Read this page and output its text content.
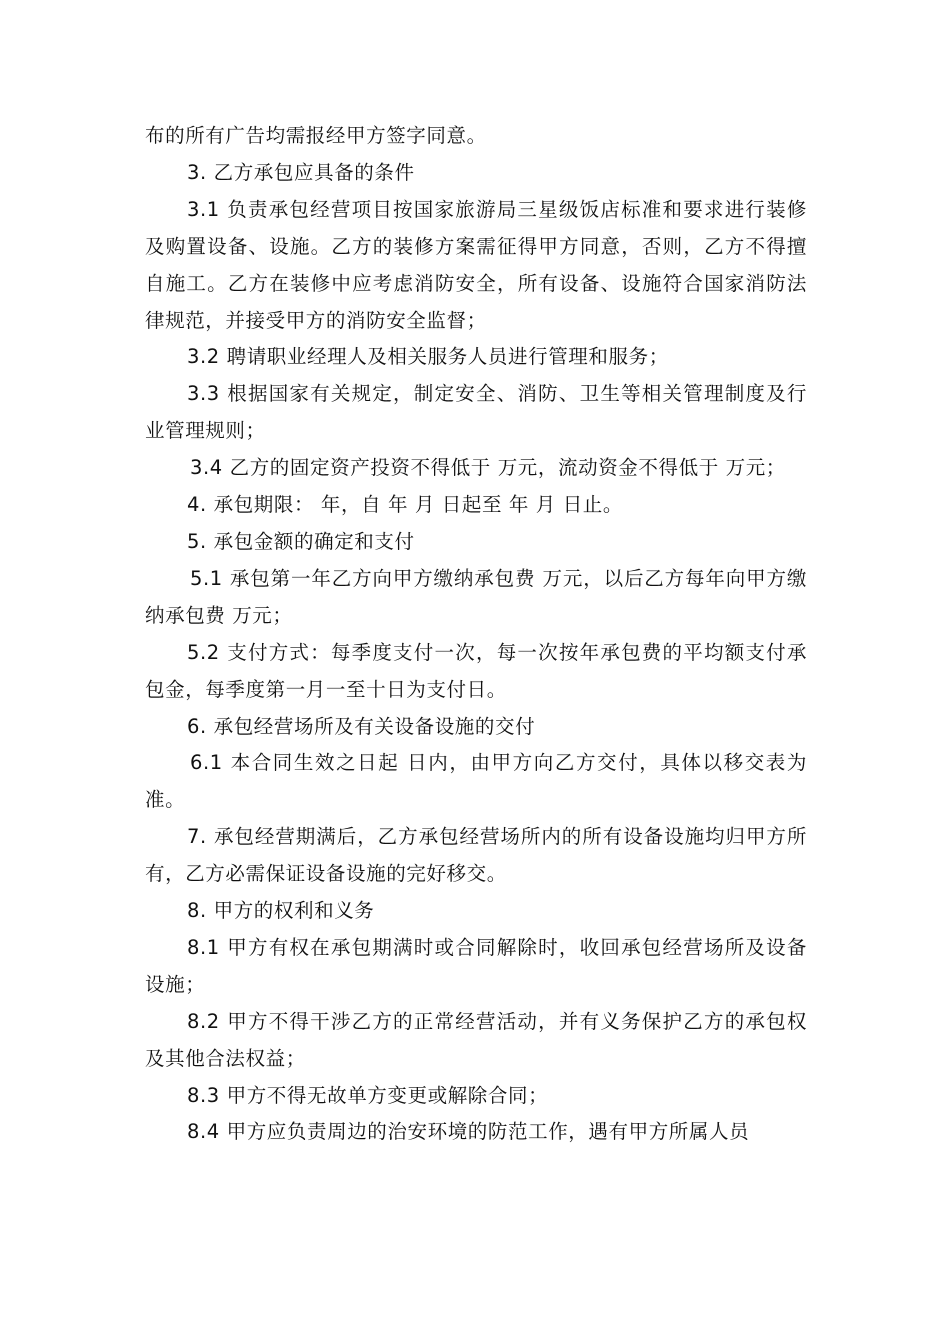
布的所有广告均需报经甲方签字同意。

3. 乙方承包应具备的条件

3.1 负责承包经营项目按国家旅游局三星级饭店标准和要求进行装修及购置设备、设施。乙方的装修方案需征得甲方同意，否则，乙方不得擅自施工。乙方在装修中应考虑消防安全，所有设备、设施符合国家消防法律规范，并接受甲方的消防安全监督；

3.2 聘请职业经理人及相关服务人员进行管理和服务；

3.3 根据国家有关规定，制定安全、消防、卫生等相关管理制度及行业管理规则；

3.4 乙方的固定资产投资不得低于 万元，流动资金不得低于 万元；

4. 承包期限： 年，自 年 月 日起至 年 月 日止。

5. 承包金额的确定和支付

5.1 承包第一年乙方向甲方缴纳承包费 万元，以后乙方每年向甲方缴纳承包费 万元；

5.2 支付方式：每季度支付一次，每一次按年承包费的平均额支付承包金，每季度第一月一至十日为支付日。

6. 承包经营场所及有关设备设施的交付

6.1 本合同生效之日起 日内，由甲方向乙方交付，具体以移交表为准。

7. 承包经营期满后，乙方承包经营场所内的所有设备设施均归甲方所有，乙方必需保证设备设施的完好移交。

8. 甲方的权利和义务

8.1 甲方有权在承包期满时或合同解除时，收回承包经营场所及设备设施；

8.2 甲方不得干涉乙方的正常经营活动，并有义务保护乙方的承包权及其他合法权益；

8.3 甲方不得无故单方变更或解除合同；

8.4 甲方应负责周边的治安环境的防范工作，遇有甲方所属人员
